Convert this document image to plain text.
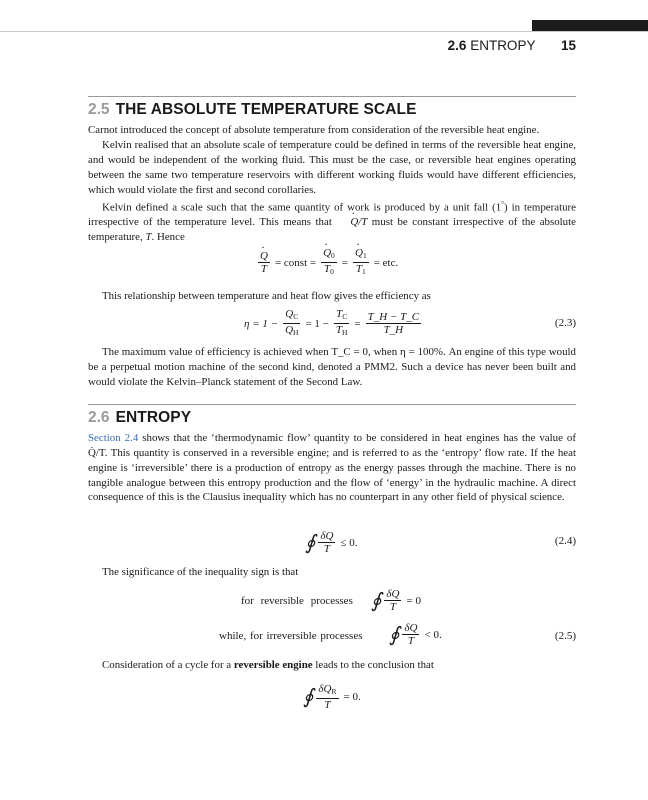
2.6 ENTROPY 15
2.5 THE ABSOLUTE TEMPERATURE SCALE
Carnot introduced the concept of absolute temperature from consideration of the reversible heat engine.
Kelvin realised that an absolute scale of temperature could be defined in terms of the reversible heat engine, and would be independent of the working fluid. This must be the case, or reversible heat engines operating between the same two temperature reservoirs with different working fluids would have different efficiencies, which would violate the first and second corollaries.
Kelvin defined a scale such that the same quantity of work is produced by a unit fall (1°) in temperature irrespective of the temperature level. This means that · Q/T must be constant irrespective of the absolute temperature, T. Hence
· $\frac{Q}{T}$ = const = · $\frac{Q_0}{T_0}$ = · $\frac{Q_1}{T_1}$ = etc.
This relationship between temperature and heat flow gives the efficiency as
$\eta = 1 - \frac{Q_C}{Q_H} = 1 - \frac{T_C}{T_H} = \frac{T\_H - T\_C}{T\_H}$	(2.3)
The maximum value of efficiency is achieved when T_C = 0, when η = 100%. An engine of this type would be a perpetual motion machine of the second kind, denoted a PMM2. Such a device has never been built and would violate the Kelvin–Planck statement of the Second Law.
2.6 ENTROPY
Section 2.4 shows that the ‘thermodynamic flow’ quantity to be considered in heat engines has the value of Q̇/T. This quantity is conserved in a reversible engine; and is referred to as the ‘entropy’ flow rate. If the heat engine is ‘irreversible’ there is a production of entropy as the energy passes through the machine. There is no tangible analogue between this entropy production and the flow of ‘energy’ in the hydraulic machine. A direct consequence of this is the Clausius inequality which has no counterpart in any other field of physical science.
∮ $\frac{\delta Q}{T} \le 0$.	(2.4)
The significance of the inequality sign is that
for reversible processes ∮ $\frac{\delta Q}{T} = 0$
while, for irreversible processes ∮ $\frac{\delta Q}{T} < 0$.	(2.5)
Consideration of a cycle for a reversible engine leads to the conclusion that
∮ $\frac{\delta Q_R}{T} = 0$.
